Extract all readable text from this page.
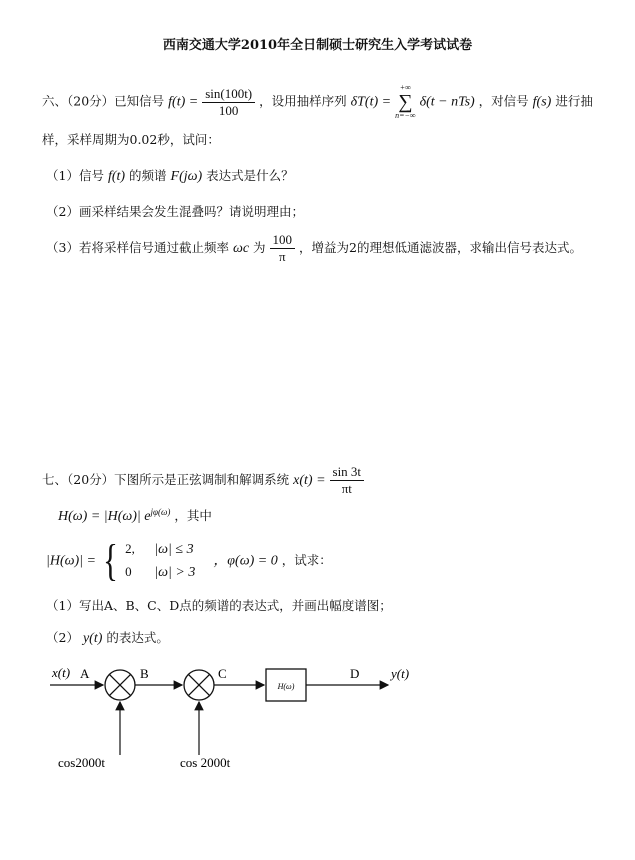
西南交通大学2010年全日制硕士研究生入学考试试卷
六、（20分）已知信号 $f(t) = \frac{\sin(100t)}{100}$ ，设用抽样序列 δT(t) =
+∞
∑
n=−∞
δ(t − nTs) ，对信号 f(s) 进行抽
样，采样周期为0.02秒，试问：
（1）信号 f(t) 的频谱 F(jω) 表达式是什么？
（2）画采样结果会发生混叠吗？请说明理由；
（3）若将采样信号通过截止频率 ωc 为 $\frac{100}{\pi}$ ，增益为2的理想低通滤波器，求输出信号表达式。
七、（20分）下图所示是正弦调制和解调系统 $x(t) = \frac{\sin 3t}{\pi t}$
H(ω) = |H(ω)| $e^{j\varphi(\omega)}$ ，其中
|H(ω)| = { 2, |ω| ≤ 3
0 |ω| > 3
，φ(ω) = 0 ，试求：
（1）写出A、B、C、D点的频谱的表达式，并画出幅度谱图；
（2） y(t) 的表达式。
x(t) A
cos2000t
B
cos 2000t
C
H(ω)
D y(t)
